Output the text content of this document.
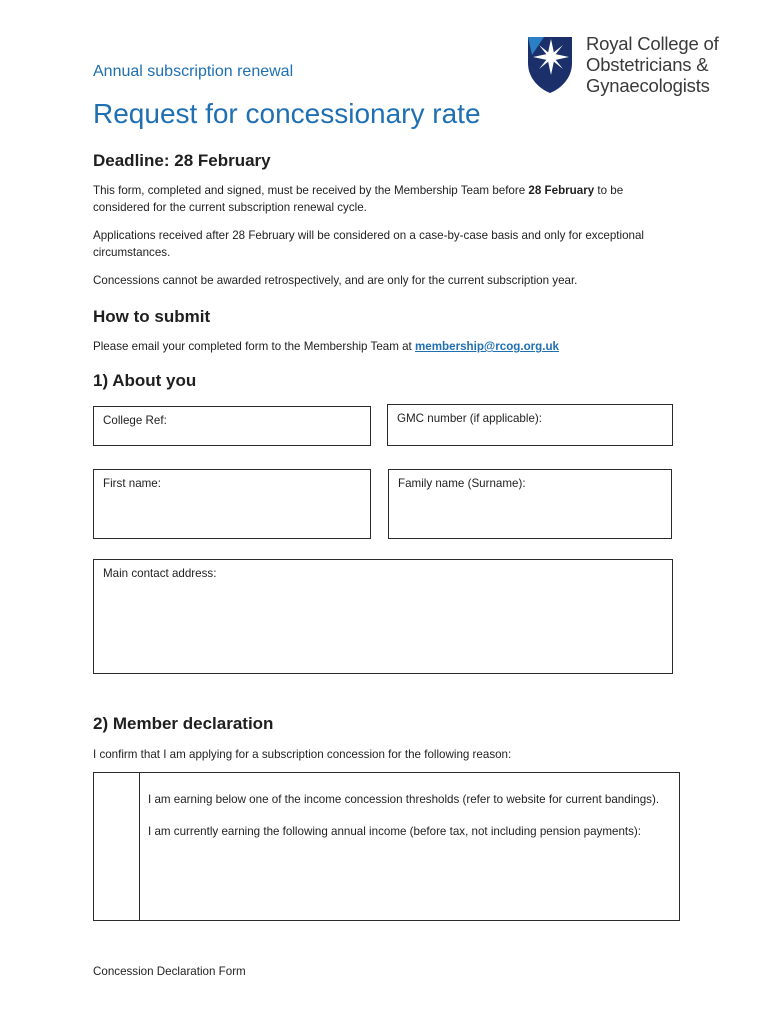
Annual subscription renewal
Request for concessionary rate
Royal College of
Obstetricians &
Gynaecologists
Deadline: 28 February
This form, completed and signed, must be received by the Membership Team before 28 February to be considered for the current subscription renewal cycle.
Applications received after 28 February will be considered on a case-by-case basis and only for exceptional circumstances.
Concessions cannot be awarded retrospectively, and are only for the current subscription year.
How to submit
Please email your completed form to the Membership Team at membership@rcog.org.uk
1) About you
College Ref:	GMC number (if applicable):
First name:	Family name (Surname):
Main contact address:
2) Member declaration
I confirm that I am applying for a subscription concession for the following reason:
I am earning below one of the income concession thresholds (refer to website for current bandings).
I am currently earning the following annual income (before tax, not including pension payments):
Concession Declaration Form
